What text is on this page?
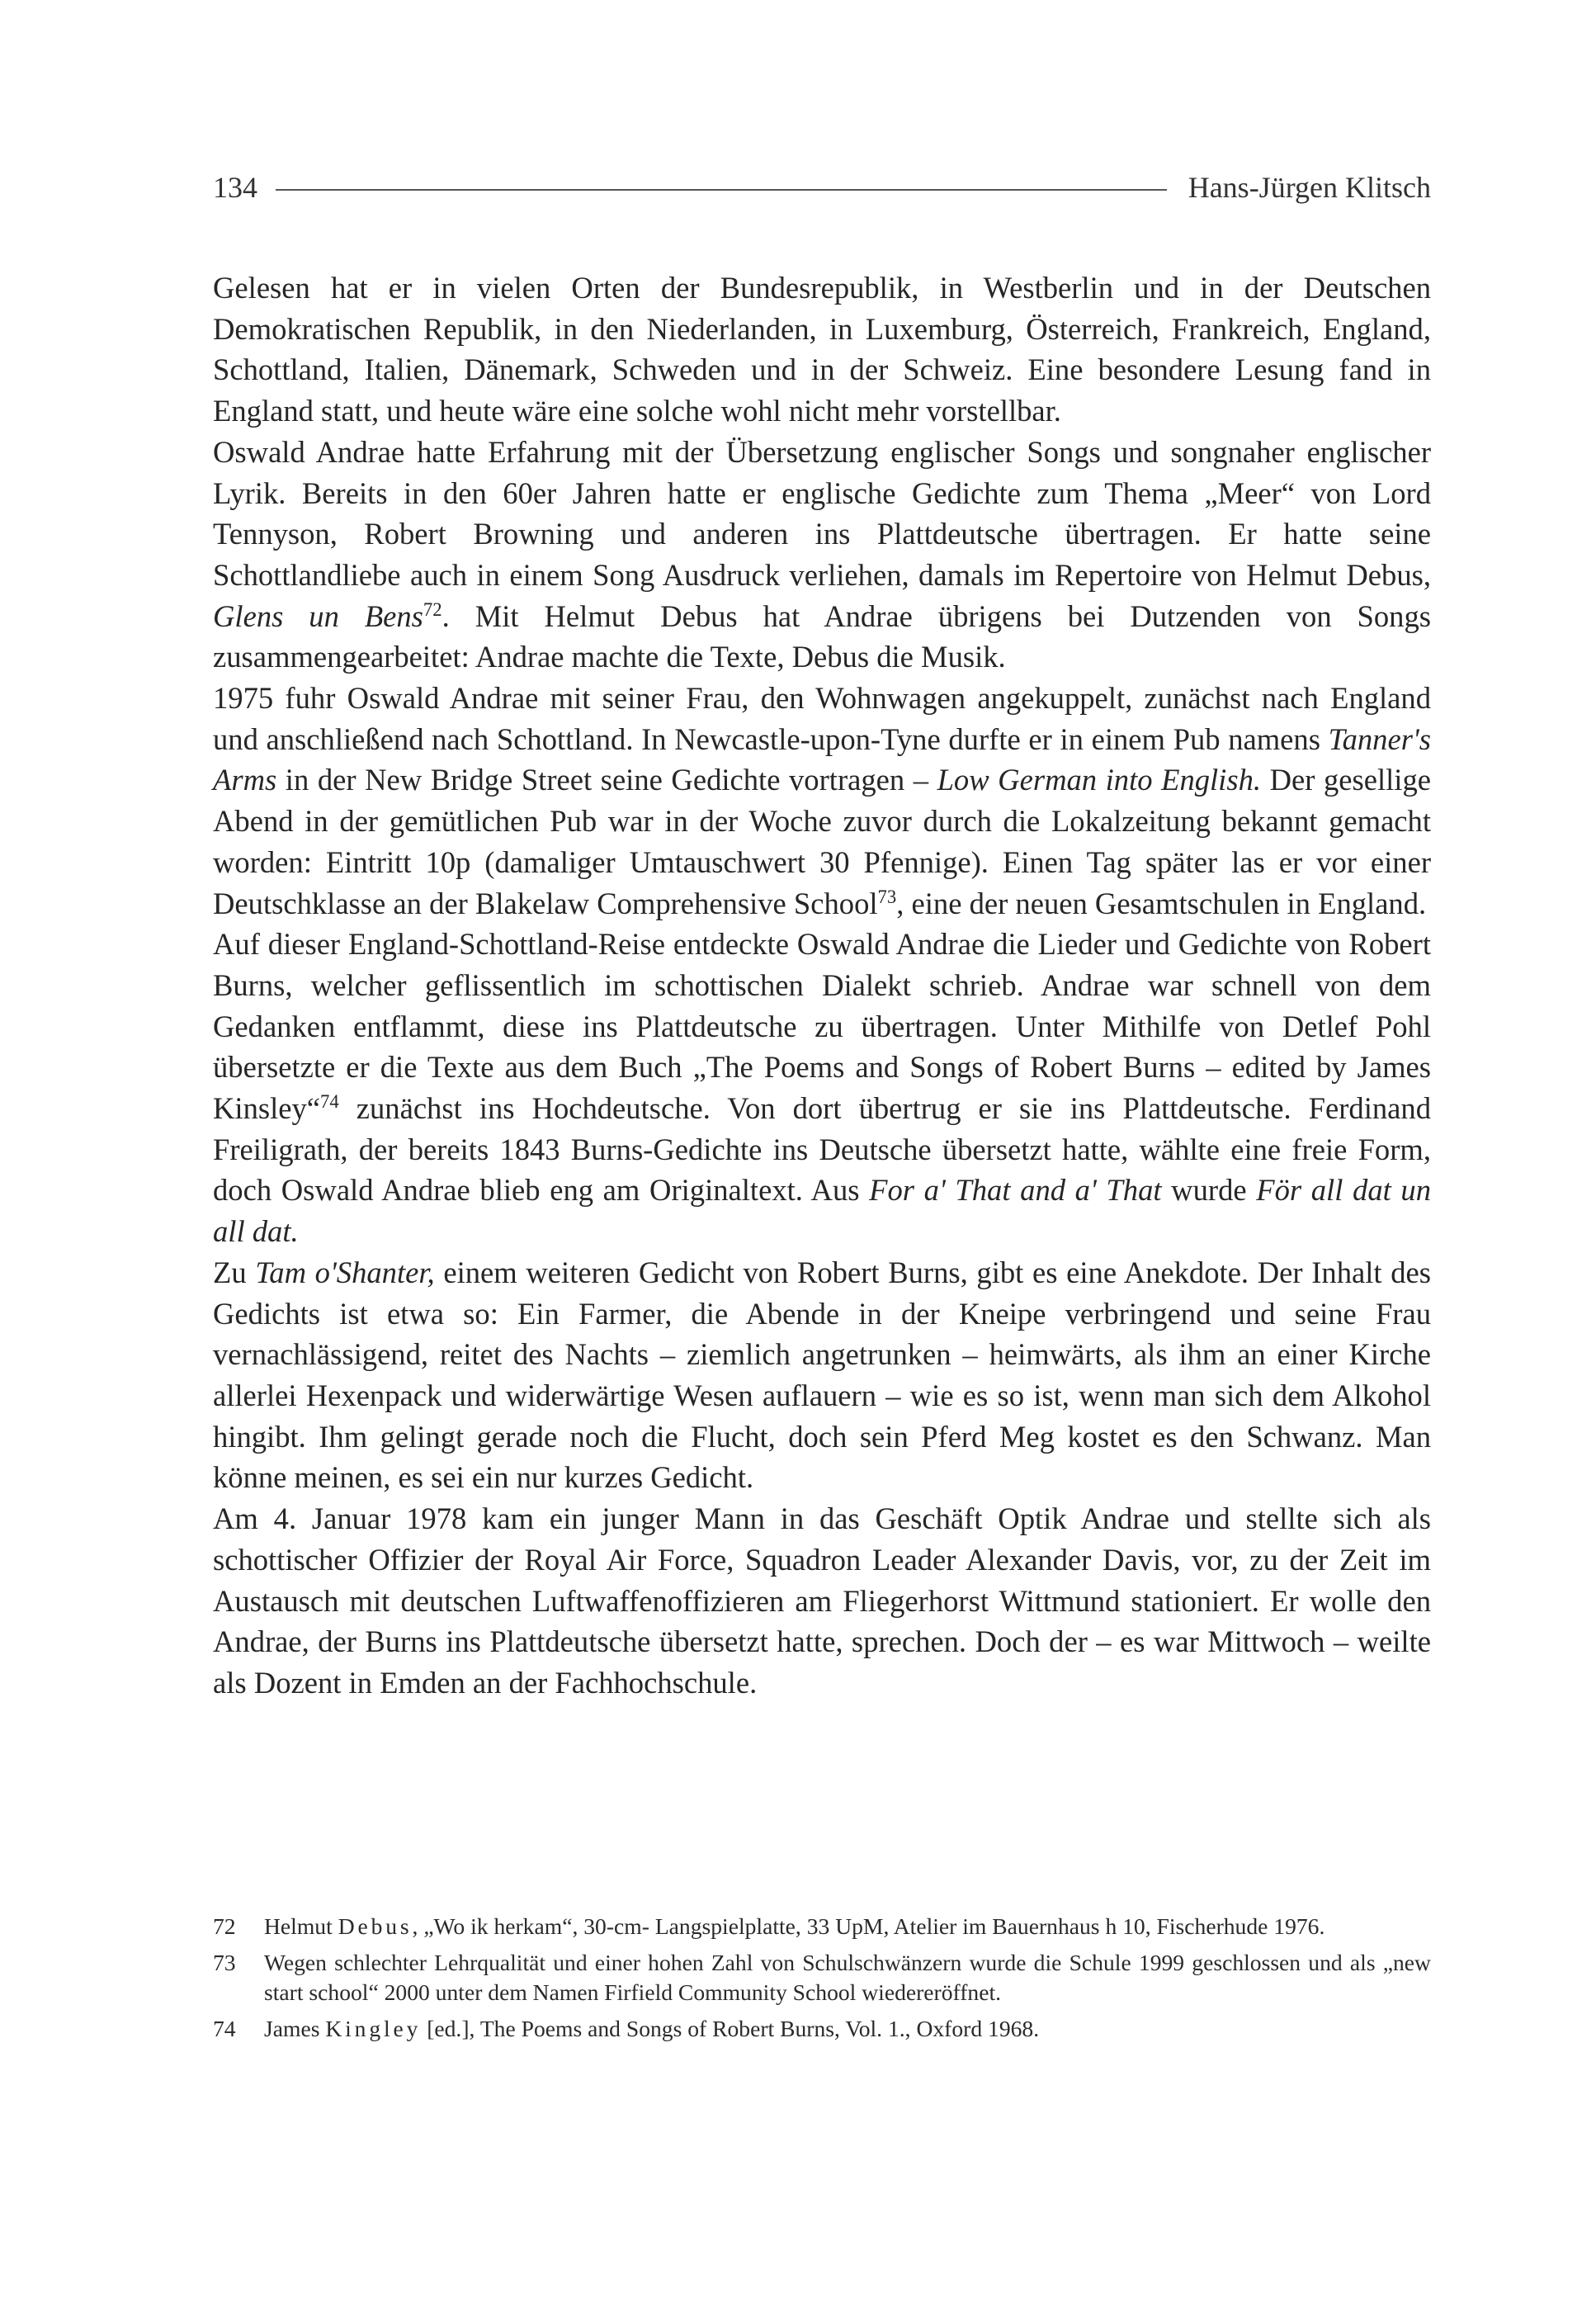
134	Hans-Jürgen Klitsch

Gelesen hat er in vielen Orten der Bundesrepublik, in Westberlin und in der Deutschen Demokratischen Republik, in den Niederlanden, in Luxemburg, Österreich, Frankreich, England, Schottland, Italien, Dänemark, Schweden und in der Schweiz. Eine besondere Lesung fand in England statt, und heute wäre eine solche wohl nicht mehr vorstellbar.

Oswald Andrae hatte Erfahrung mit der Übersetzung englischer Songs und songnaher englischer Lyrik. Bereits in den 60er Jahren hatte er englische Gedichte zum Thema „Meer“ von Lord Tennyson, Robert Browning und anderen ins Plattdeutsche übertragen. Er hatte seine Schottlandliebe auch in einem Song Ausdruck verliehen, damals im Repertoire von Helmut Debus, Glens un Bens$^{72}$. Mit Helmut Debus hat Andrae übrigens bei Dutzenden von Songs zusammengearbeitet: Andrae machte die Texte, Debus die Musik.

1975 fuhr Oswald Andrae mit seiner Frau, den Wohnwagen angekuppelt, zunächst nach England und anschließend nach Schottland. In Newcastle-upon-Tyne durfte er in einem Pub namens Tanner's Arms in der New Bridge Street seine Gedichte vortragen – Low German into English. Der gesellige Abend in der gemütlichen Pub war in der Woche zuvor durch die Lokalzeitung bekannt gemacht worden: Eintritt 10p (damaliger Umtauschwert 30 Pfennige). Einen Tag später las er vor einer Deutschklasse an der Blakelaw Comprehensive School$^{73}$, eine der neuen Gesamtschulen in England.

Auf dieser England-Schottland-Reise entdeckte Oswald Andrae die Lieder und Gedichte von Robert Burns, welcher geflissentlich im schottischen Dialekt schrieb. Andrae war schnell von dem Gedanken entflammt, diese ins Plattdeutsche zu übertragen. Unter Mithilfe von Detlef Pohl übersetzte er die Texte aus dem Buch „The Poems and Songs of Robert Burns – edited by James Kinsley“$^{74}$ zunächst ins Hochdeutsche. Von dort übertrug er sie ins Plattdeutsche. Ferdinand Freiligrath, der bereits 1843 Burns-Gedichte ins Deutsche übersetzt hatte, wählte eine freie Form, doch Oswald Andrae blieb eng am Originaltext. Aus For a' That and a' That wurde För all dat un all dat.

Zu Tam o'Shanter, einem weiteren Gedicht von Robert Burns, gibt es eine Anekdote. Der Inhalt des Gedichts ist etwa so: Ein Farmer, die Abende in der Kneipe verbringend und seine Frau vernachlässigend, reitet des Nachts – ziemlich angetrunken – heimwärts, als ihm an einer Kirche allerlei Hexenpack und widerwärtige Wesen auflauern – wie es so ist, wenn man sich dem Alkohol hingibt. Ihm gelingt gerade noch die Flucht, doch sein Pferd Meg kostet es den Schwanz. Man könne meinen, es sei ein nur kurzes Gedicht.

Am 4. Januar 1978 kam ein junger Mann in das Geschäft Optik Andrae und stellte sich als schottischer Offizier der Royal Air Force, Squadron Leader Alexander Davis, vor, zu der Zeit im Austausch mit deutschen Luftwaffenoffizieren am Fliegerhorst Wittmund stationiert. Er wolle den Andrae, der Burns ins Plattdeutsche übersetzt hatte, sprechen. Doch der – es war Mittwoch – weilte als Dozent in Emden an der Fachhochschule.

72	Helmut Debus, „Wo ik herkam“, 30-cm- Langspielplatte, 33 UpM, Atelier im Bauernhaus h 10, Fischerhude 1976.
73	Wegen schlechter Lehrqualität und einer hohen Zahl von Schulschwänzern wurde die Schule 1999 geschlossen und als „new start school“ 2000 unter dem Namen Firfield Community School wiedereröffnet.
74	James Kingley [ed.], The Poems and Songs of Robert Burns, Vol. 1., Oxford 1968.
